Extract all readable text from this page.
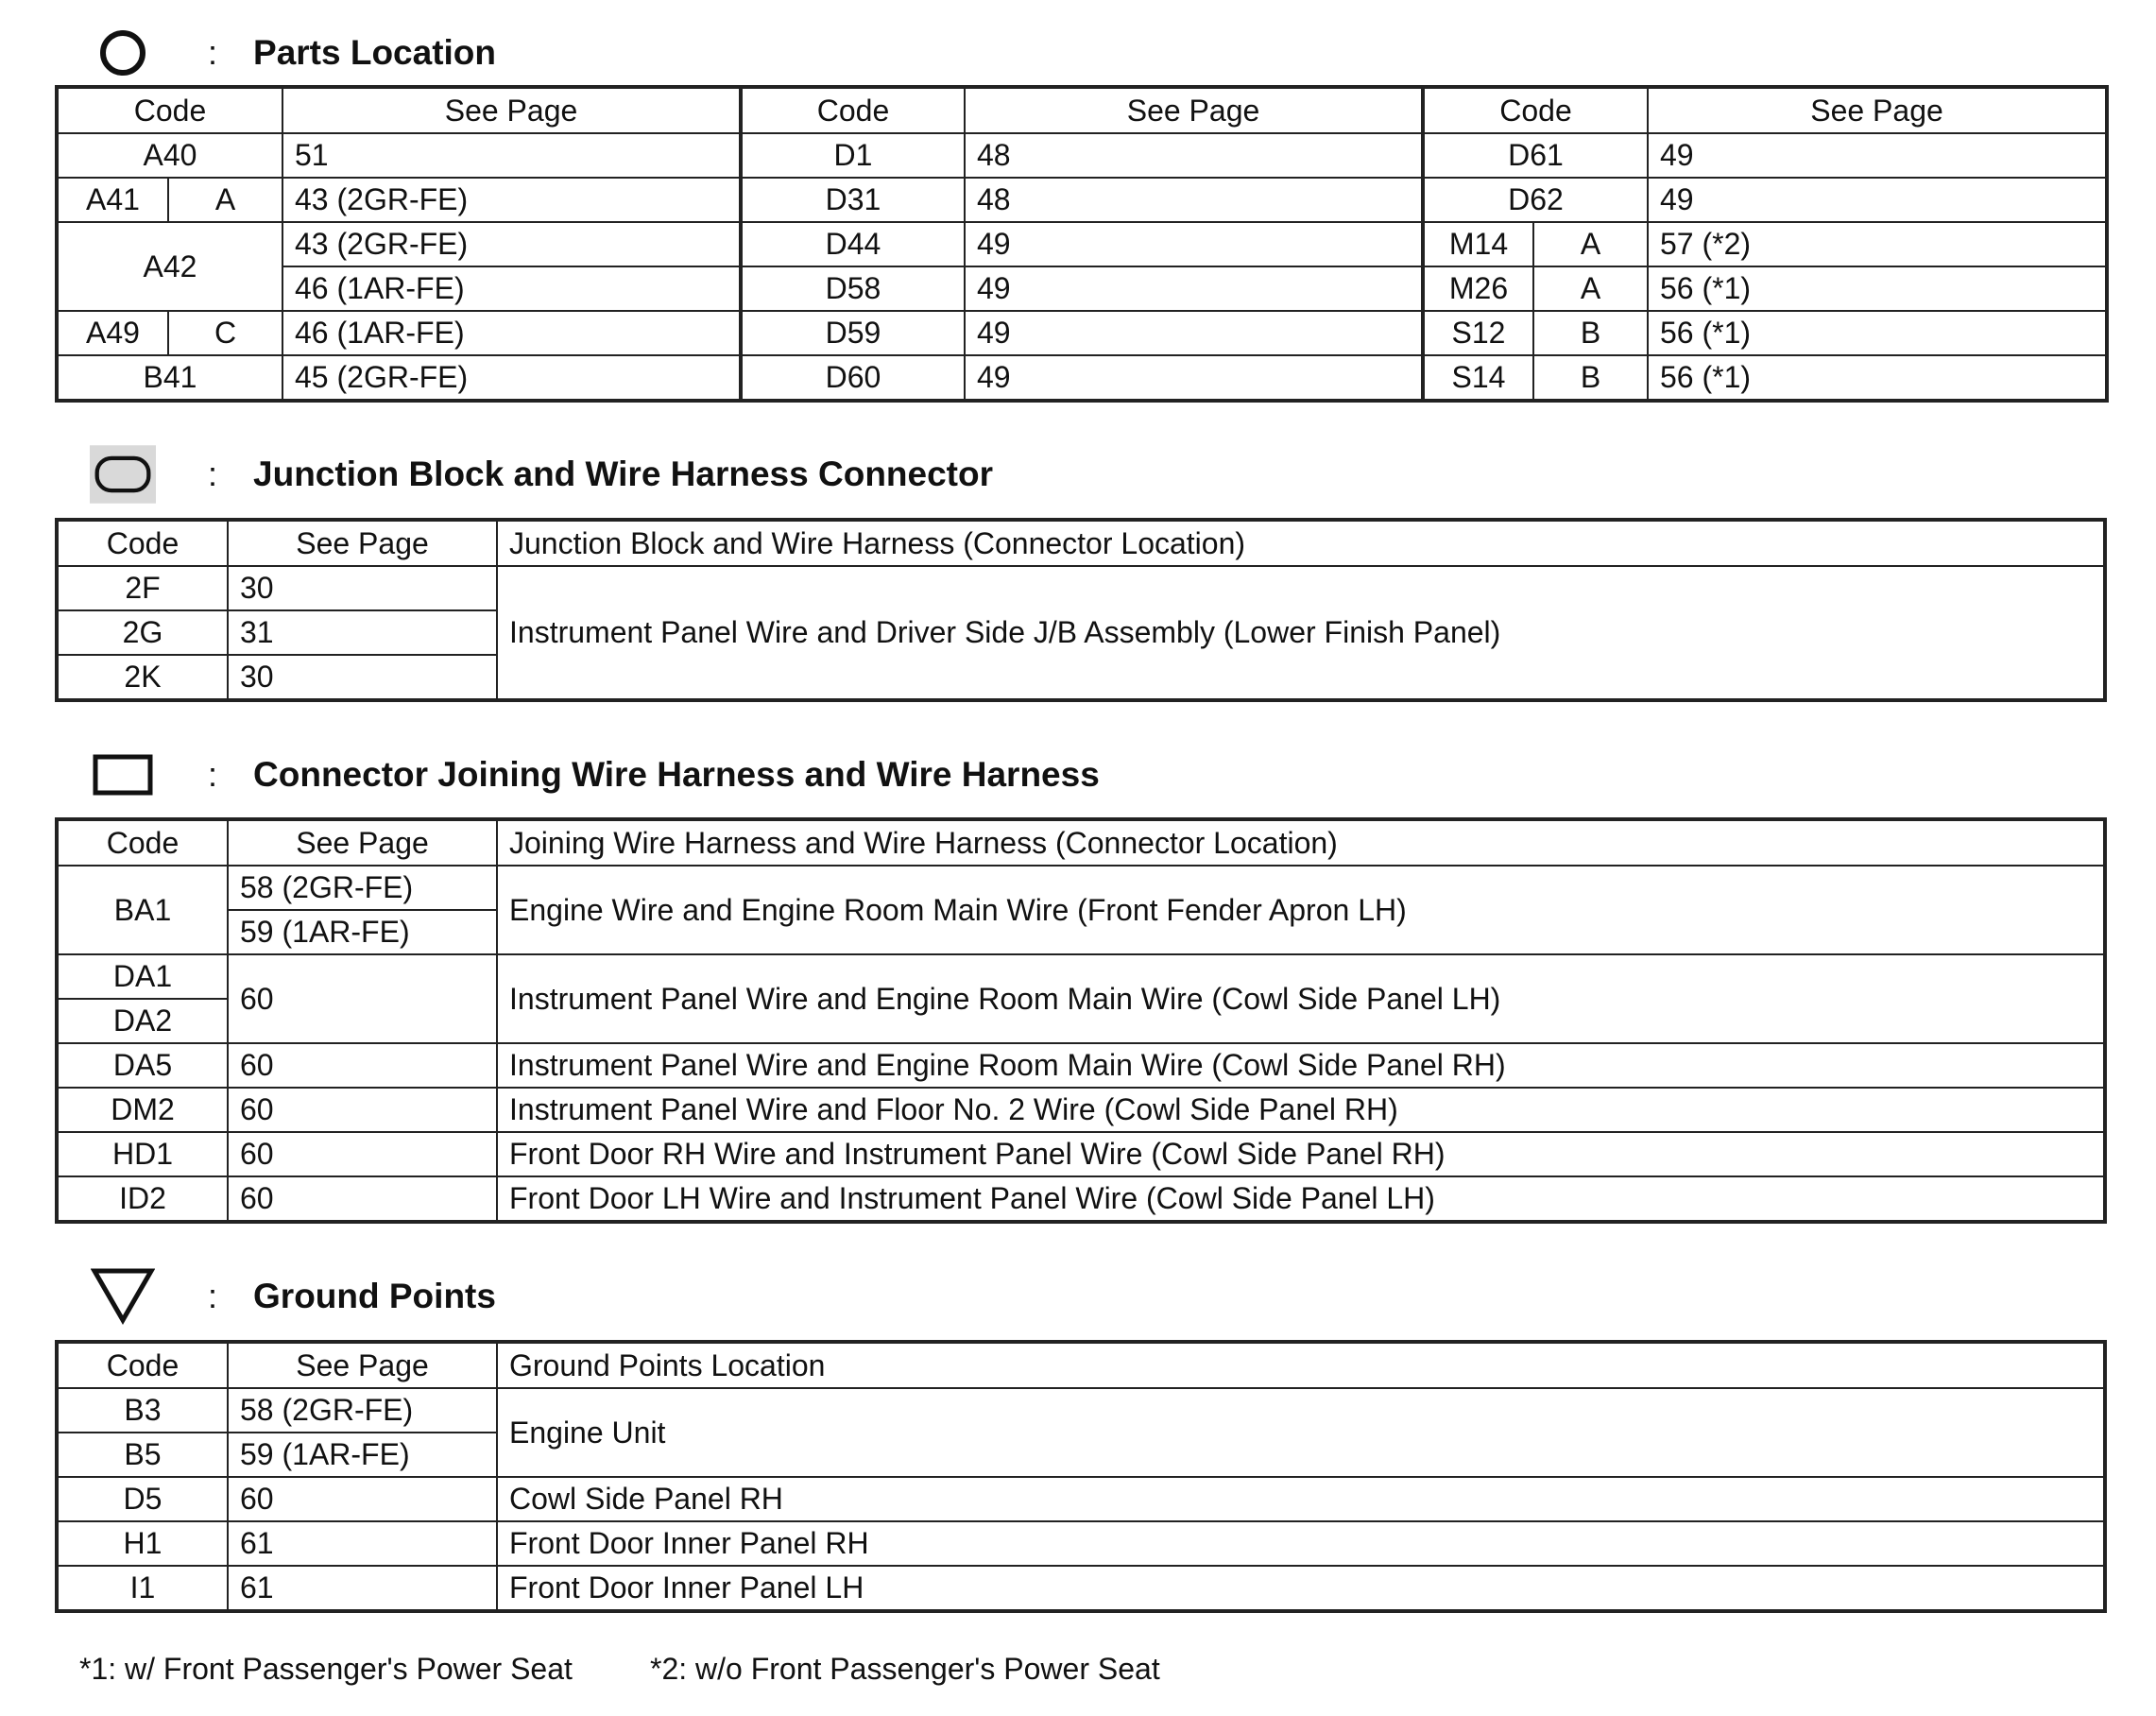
: Parts Location
Code		See Page	Code	See Page	Code		See Page
A40		51	D1	48	D61		49
A41	A	43 (2GR-FE)	D31	48	D62		49
A42		43 (2GR-FE)	D44	49	M14	A	57 (*2)
		46 (1AR-FE)	D58	49	M26	A	56 (*1)
A49	C	46 (1AR-FE)	D59	49	S12	B	56 (*1)
B41		45 (2GR-FE)	D60	49	S14	B	56 (*1)
: Junction Block and Wire Harness Connector
Code	See Page	Junction Block and Wire Harness (Connector Location)
2F	30	Instrument Panel Wire and Driver Side J/B Assembly (Lower Finish Panel)
2G	31	
2K	30	
: Connector Joining Wire Harness and Wire Harness
Code	See Page	Joining Wire Harness and Wire Harness (Connector Location)
BA1	58 (2GR-FE)	Engine Wire and Engine Room Main Wire (Front Fender Apron LH)
	59 (1AR-FE)	
DA1	60	Instrument Panel Wire and Engine Room Main Wire (Cowl Side Panel LH)
DA2		
DA5	60	Instrument Panel Wire and Engine Room Main Wire (Cowl Side Panel RH)
DM2	60	Instrument Panel Wire and Floor No. 2 Wire (Cowl Side Panel RH)
HD1	60	Front Door RH Wire and Instrument Panel Wire (Cowl Side Panel RH)
ID2	60	Front Door LH Wire and Instrument Panel Wire (Cowl Side Panel LH)
: Ground Points
Code	See Page	Ground Points Location
B3	58 (2GR-FE)	Engine Unit
B5	59 (1AR-FE)	
D5	60	Cowl Side Panel RH
H1	61	Front Door Inner Panel RH
I1	61	Front Door Inner Panel LH
*1: w/ Front Passenger's Power Seat	*2: w/o Front Passenger's Power Seat
